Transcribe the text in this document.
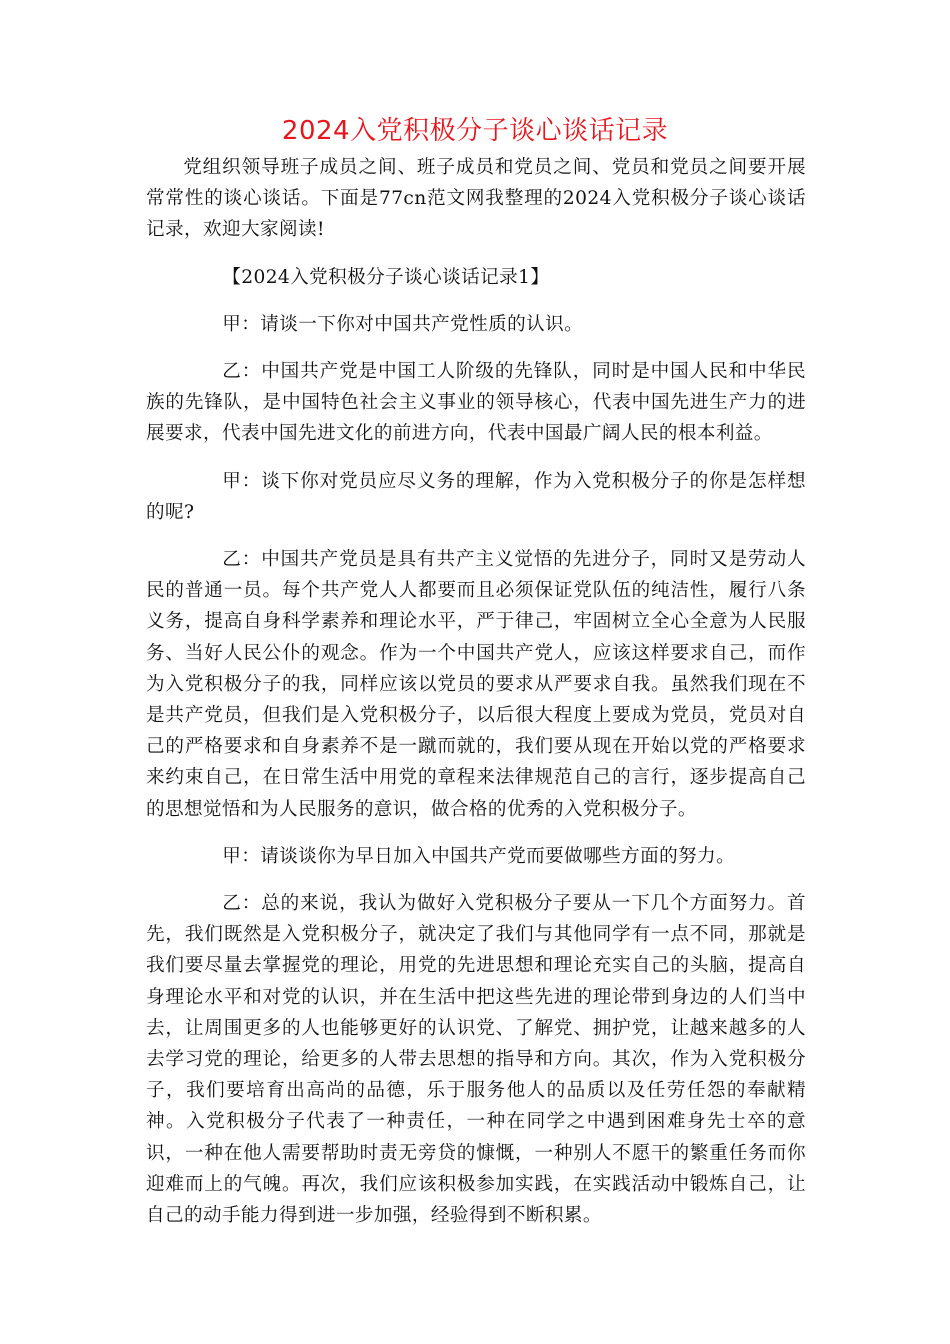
2024入党积极分子谈心谈话记录

党组织领导班子成员之间、班子成员和党员之间、党员和党员之间要开展常常性的谈心谈话。下面是77cn范文网我整理的2024入党积极分子谈心谈话记录，欢迎大家阅读!

【2024入党积极分子谈心谈话记录1】

甲：请谈一下你对中国共产党性质的认识。

乙：中国共产党是中国工人阶级的先锋队，同时是中国人民和中华民族的先锋队，是中国特色社会主义事业的领导核心，代表中国先进生产力的进展要求，代表中国先进文化的前进方向，代表中国最广阔人民的根本利益。

甲：谈下你对党员应尽义务的理解，作为入党积极分子的你是怎样想的呢?

乙：中国共产党员是具有共产主义觉悟的先进分子，同时又是劳动人民的普通一员。每个共产党人人都要而且必须保证党队伍的纯洁性，履行八条义务，提高自身科学素养和理论水平，严于律己，牢固树立全心全意为人民服务、当好人民公仆的观念。作为一个中国共产党人，应该这样要求自己，而作为入党积极分子的我，同样应该以党员的要求从严要求自我。虽然我们现在不是共产党员，但我们是入党积极分子，以后很大程度上要成为党员，党员对自己的严格要求和自身素养不是一蹴而就的，我们要从现在开始以党的严格要求来约束自己，在日常生活中用党的章程来法律规范自己的言行，逐步提高自己的思想觉悟和为人民服务的意识，做合格的优秀的入党积极分子。

甲：请谈谈你为早日加入中国共产党而要做哪些方面的努力。

乙：总的来说，我认为做好入党积极分子要从一下几个方面努力。首先，我们既然是入党积极分子，就决定了我们与其他同学有一点不同，那就是我们要尽量去掌握党的理论，用党的先进思想和理论充实自己的头脑，提高自身理论水平和对党的认识，并在生活中把这些先进的理论带到身边的人们当中去，让周围更多的人也能够更好的认识党、了解党、拥护党，让越来越多的人去学习党的理论，给更多的人带去思想的指导和方向。其次，作为入党积极分子，我们要培育出高尚的品德，乐于服务他人的品质以及任劳任怨的奉献精神。入党积极分子代表了一种责任，一种在同学之中遇到困难身先士卒的意识，一种在他人需要帮助时责无旁贷的慷慨，一种别人不愿干的繁重任务而你迎难而上的气魄。再次，我们应该积极参加实践，在实践活动中锻炼自己，让自己的动手能力得到进一步加强，经验得到不断积累。
